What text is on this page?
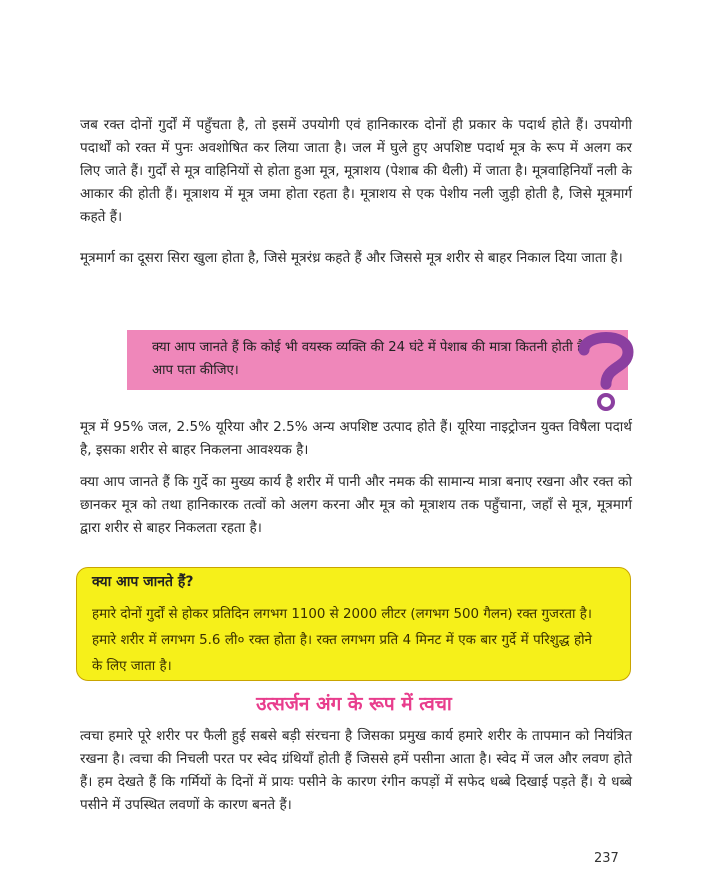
जब रक्त दोनों गुर्दों में पहुँचता है, तो इसमें उपयोगी एवं हानिकारक दोनों ही प्रकार के पदार्थ होते हैं। उपयोगी पदार्थों को रक्त में पुनः अवशोषित कर लिया जाता है। जल में घुले हुए अपशिष्ट पदार्थ मूत्र के रूप में अलग कर लिए जाते हैं। गुर्दों से मूत्र वाहिनियों से होता हुआ मूत्र, मूत्राशय (पेशाब की थैली) में जाता है। मूत्रवाहिनियाँ नली के आकार की होती हैं। मूत्राशय में मूत्र जमा होता रहता है। मूत्राशय से एक पेशीय नली जुड़ी होती है, जिसे मूत्रमार्ग कहते हैं।
मूत्रमार्ग का दूसरा सिरा खुला होता है, जिसे मूत्ररंध्र कहते हैं और जिससे मूत्र शरीर से बाहर निकाल दिया जाता है।
क्या आप जानते हैं कि कोई भी वयस्क व्यक्ति की 24 घंटे में पेशाब की मात्रा कितनी होती है? आप पता कीजिए।
मूत्र में 95% जल, 2.5% यूरिया और 2.5% अन्य अपशिष्ट उत्पाद होते हैं। यूरिया नाइट्रोजन युक्त विषैला पदार्थ है, इसका शरीर से बाहर निकलना आवश्यक है।
क्या आप जानते हैं कि गुर्दे का मुख्य कार्य है शरीर में पानी और नमक की सामान्य मात्रा बनाए रखना और रक्त को छानकर मूत्र को तथा हानिकारक तत्वों को अलग करना और मूत्र को मूत्राशय तक पहुँचाना, जहाँ से मूत्र, मूत्रमार्ग द्वारा शरीर से बाहर निकलता रहता है।
क्या आप जानते हैं?
हमारे दोनों गुर्दों से होकर प्रतिदिन लगभग 1100 से 2000 लीटर (लगभग 500 गैलन) रक्त गुजरता है। हमारे शरीर में लगभग 5.6 ली० रक्त होता है। रक्त लगभग प्रति 4 मिनट में एक बार गुर्दे में परिशुद्ध होने के लिए जाता है।
उत्सर्जन अंग के रूप में त्वचा
त्वचा हमारे पूरे शरीर पर फैली हुई सबसे बड़ी संरचना है जिसका प्रमुख कार्य हमारे शरीर के तापमान को नियंत्रित रखना है। त्वचा की निचली परत पर स्वेद ग्रंथियाँ होती हैं जिससे हमें पसीना आता है। स्वेद में जल और लवण होते हैं। हम देखते हैं कि गर्मियों के दिनों में प्रायः पसीने के कारण रंगीन कपड़ों में सफेद धब्बे दिखाई पड़ते हैं। ये धब्बे पसीने में उपस्थित लवणों के कारण बनते हैं।
237
